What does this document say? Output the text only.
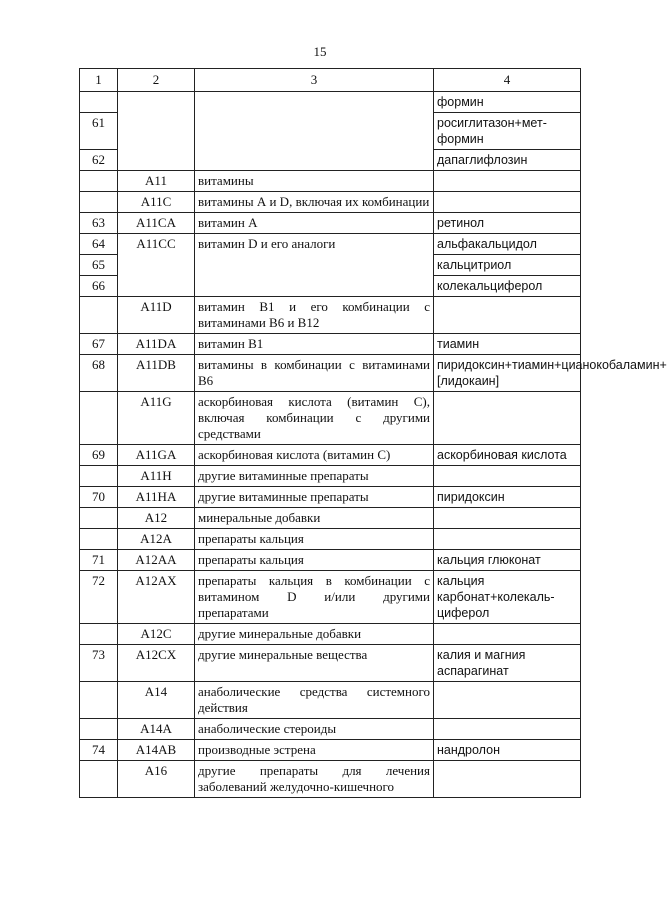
15
1	2	3	4
			формин
61			росиглитазон+мет-формин
62			дапаглифлозин
	A11	витамины	
	A11C	витамины А и D, включая их комбинации	
63	A11CA	витамин А	ретинол
64	A11CC	витамин D и его аналоги	альфакальцидол
65			кальцитриол
66			колекальциферол
	A11D	витамин В1 и его комбинации с витаминами В6 и В12	
67	A11DA	витамин В1	тиамин
68	A11DB	витамины в комбинации с витаминами В6	пиридоксин+тиамин+цианокобаламин+[лидокаин]
	A11G	аскорбиновая кислота (витамин С), включая комбинации с другими средствами	
69	A11GA	аскорбиновая кислота (витамин С)	аскорбиновая кислота
	A11H	другие витаминные препараты	
70	A11HA	другие витаминные препараты	пиридоксин
	A12	минеральные добавки	
	A12A	препараты кальция	
71	A12AA	препараты кальция	кальция глюконат
72	A12AX	препараты кальция в комбинации с витамином D и/или другими препаратами	кальция карбонат+колекаль-циферол
	A12C	другие минеральные добавки	
73	A12CX	другие минеральные вещества	калия и магния аспарагинат
	A14	анаболические средства системного действия	
	A14A	анаболические стероиды	
74	A14AB	производные эстрена	нандролон
	A16	другие препараты для лечения заболеваний желудочно-кишечного	
